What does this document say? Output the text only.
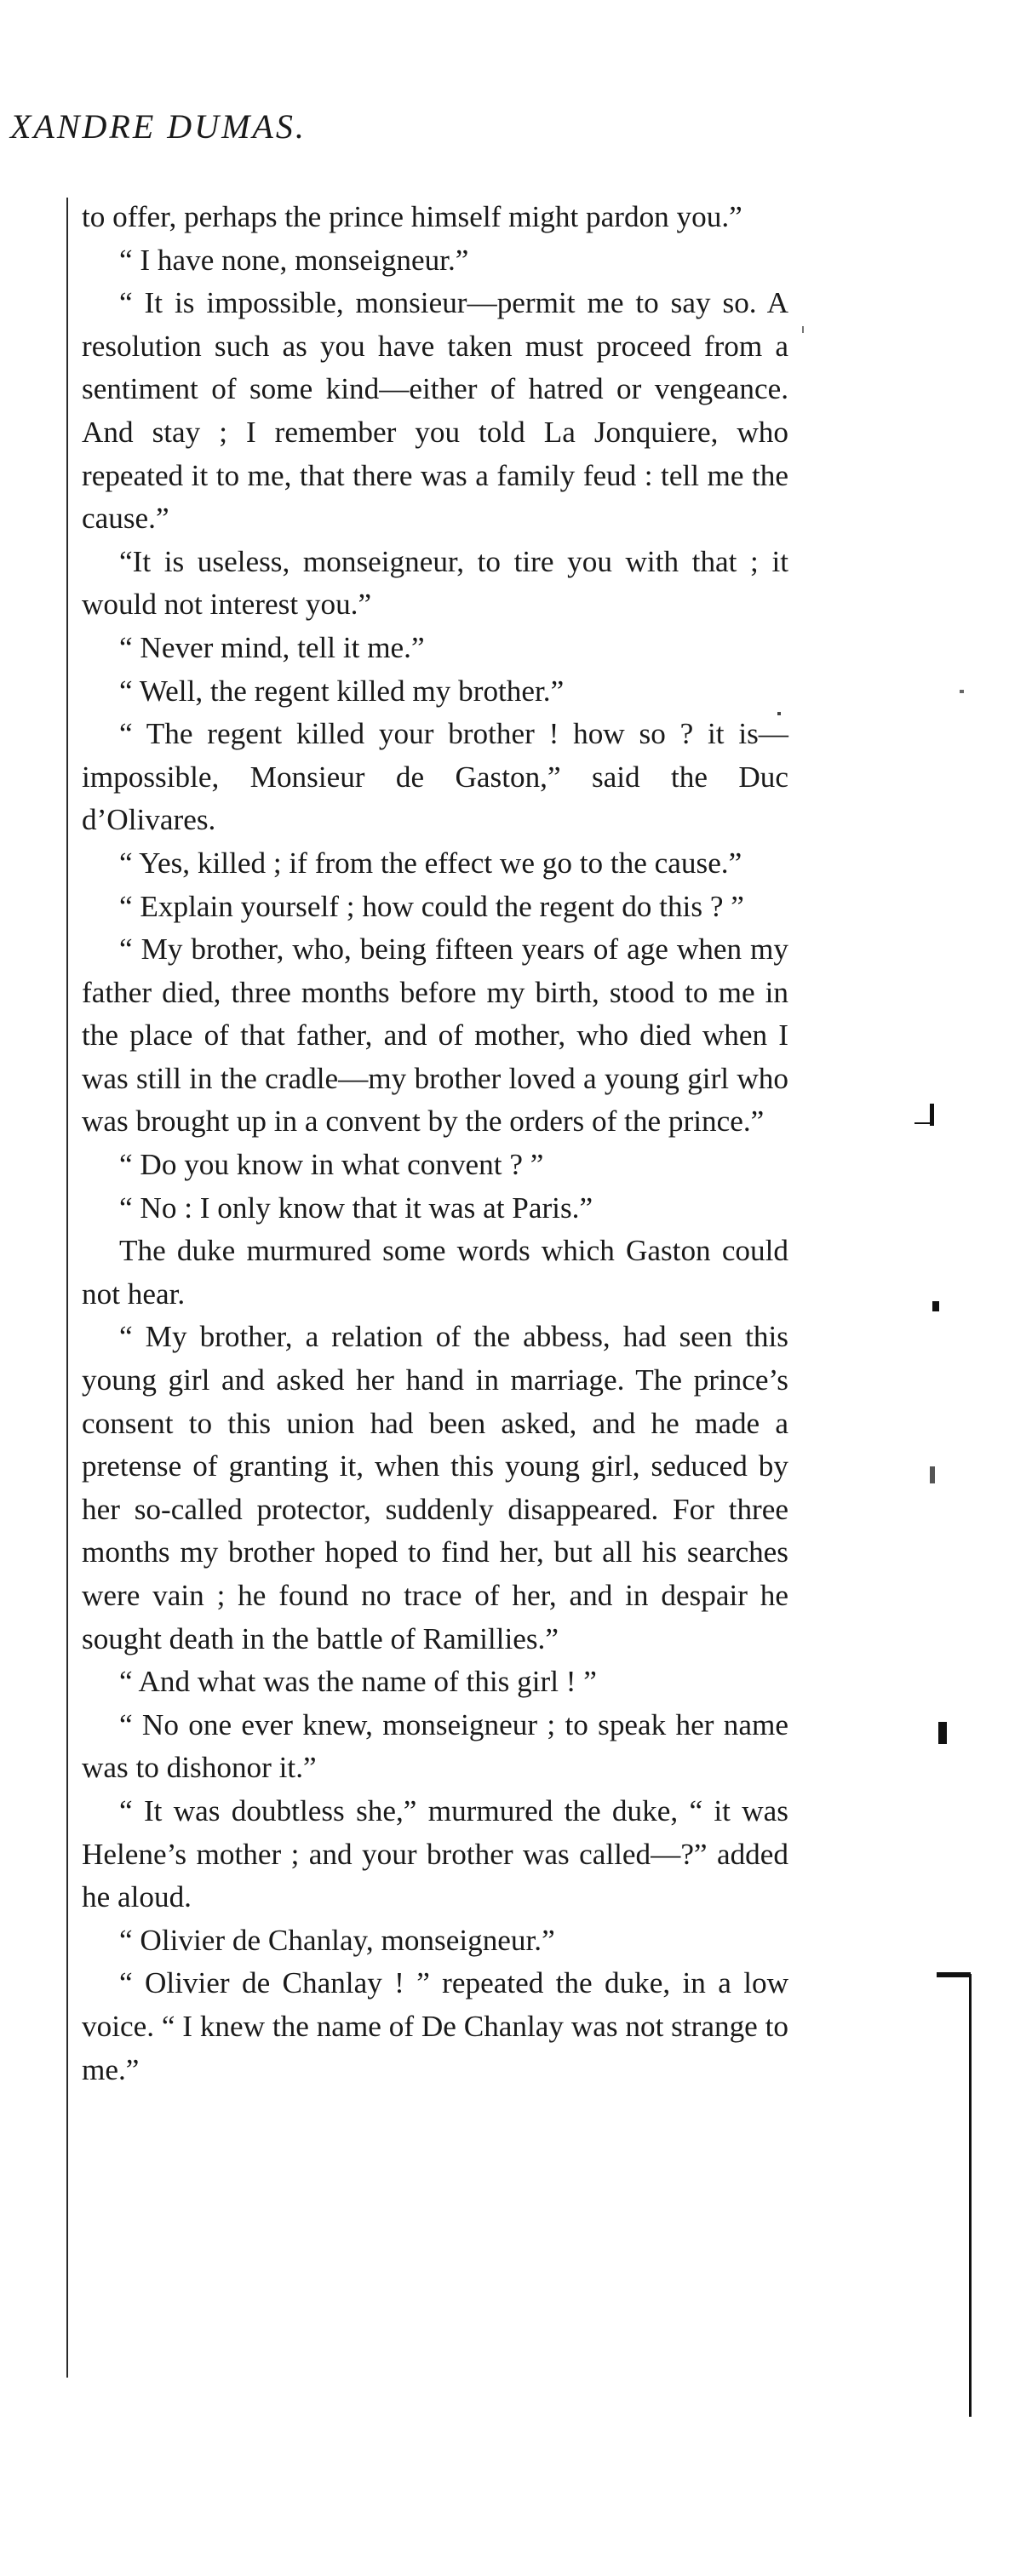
XANDRE DUMAS.

to offer, perhaps the prince himself might pardon you.”

“ I have none, monseigneur.”

“ It is impossible, monsieur—permit me to say so. A resolution such as you have taken must proceed from a sentiment of some kind—either of hatred or vengeance. And stay ; I remember you told La Jonquiere, who repeated it to me, that there was a family feud : tell me the cause.”

“It is useless, monseigneur, to tire you with that ; it would not interest you.”

“ Never mind, tell it me.”

“ Well, the regent killed my brother.”

“ The regent killed your brother ! how so ? it is—impossible, Monsieur de Gaston,” said the Duc d’Olivares.

“ Yes, killed ; if from the effect we go to the cause.”

“ Explain yourself ; how could the regent do this ? ”

“ My brother, who, being fifteen years of age when my father died, three months before my birth, stood to me in the place of that father, and of mother, who died when I was still in the cradle—my brother loved a young girl who was brought up in a convent by the orders of the prince.”

“ Do you know in what convent ? ”

“ No : I only know that it was at Paris.”

The duke murmured some words which Gaston could not hear.

“ My brother, a relation of the abbess, had seen this young girl and asked her hand in marriage. The prince’s consent to this union had been asked, and he made a pretense of granting it, when this young girl, seduced by her so-called protector, suddenly disappeared. For three months my brother hoped to find her, but all his searches were vain ; he found no trace of her, and in despair he sought death in the battle of Ramillies.”

“ And what was the name of this girl ! ”

“ No one ever knew, monseigneur ; to speak her name was to dishonor it.”

“ It was doubtless she,” murmured the duke, “ it was Helene’s mother ; and your brother was called—?” added he aloud.

“ Olivier de Chanlay, monseigneur.”

“ Olivier de Chanlay ! ” repeated the duke, in a low voice. “ I knew the name of De Chanlay was not strange to me.”
